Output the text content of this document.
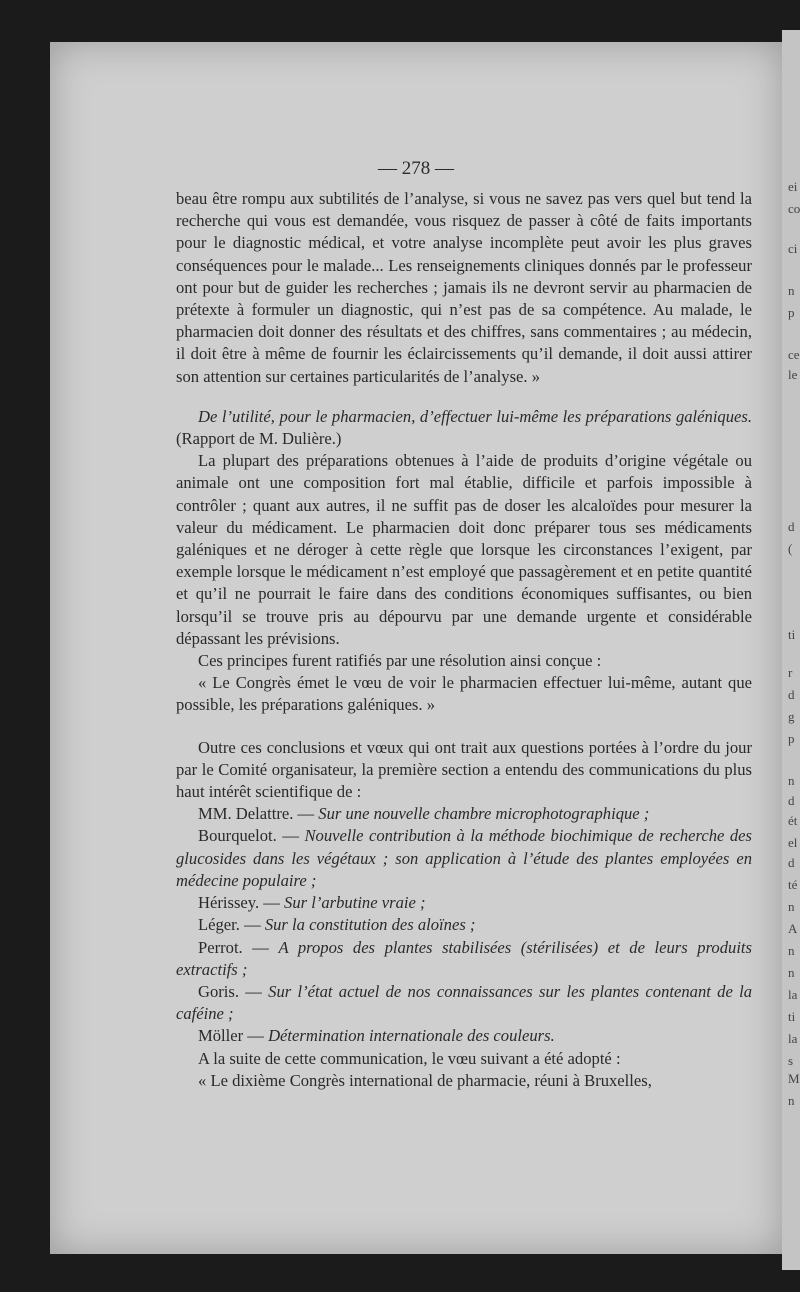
ei
co
ci
n
p
ce
le
d
(
ti
r
d
g
p
n
d
ét
el
d
té
n
A
n
n
la
ti
la
s
M
n
— 278 —

beau être rompu aux subtilités de l’analyse, si vous ne savez pas vers quel but tend la recherche qui vous est demandée, vous risquez de passer à côté de faits importants pour le diagnostic médical, et votre analyse incomplète peut avoir les plus graves conséquences pour le malade... Les renseignements cliniques donnés par le professeur ont pour but de guider les recherches ; jamais ils ne devront servir au pharmacien de prétexte à formuler un diagnostic, qui n’est pas de sa compétence. Au malade, le pharmacien doit donner des résultats et des chiffres, sans commentaires ; au médecin, il doit être à même de fournir les éclaircissements qu’il demande, il doit aussi attirer son attention sur certaines particularités de l’analyse. »

De l’utilité, pour le pharmacien, d’effectuer lui-même les préparations galéniques. (Rapport de M. Dulière.)

La plupart des préparations obtenues à l’aide de produits d’origine végétale ou animale ont une composition fort mal établie, difficile et parfois impossible à contrôler ; quant aux autres, il ne suffit pas de doser les alcaloïdes pour mesurer la valeur du médicament. Le pharmacien doit donc préparer tous ses médicaments galéniques et ne déroger à cette règle que lorsque les circonstances l’exigent, par exemple lorsque le médicament n’est employé que passagèrement et en petite quantité et qu’il ne pourrait le faire dans des conditions économiques suffisantes, ou bien lorsqu’il se trouve pris au dépourvu par une demande urgente et considérable dépassant les prévisions.

Ces principes furent ratifiés par une résolution ainsi conçue :

« Le Congrès émet le vœu de voir le pharmacien effectuer lui-même, autant que possible, les préparations galéniques. »

Outre ces conclusions et vœux qui ont trait aux questions portées à l’ordre du jour par le Comité organisateur, la première section a entendu des communications du plus haut intérêt scientifique de :

MM. Delattre. — Sur une nouvelle chambre microphotographique ;

Bourquelot. — Nouvelle contribution à la méthode biochimique de recherche des glucosides dans les végétaux ; son application à l’étude des plantes employées en médecine populaire ;

Hérissey. — Sur l’arbutine vraie ;

Léger. — Sur la constitution des aloïnes ;

Perrot. — A propos des plantes stabilisées (stérilisées) et de leurs produits extractifs ;

Goris. — Sur l’état actuel de nos connaissances sur les plantes contenant de la caféine ;

Möller — Détermination internationale des couleurs.

A la suite de cette communication, le vœu suivant a été adopté :

« Le dixième Congrès international de pharmacie, réuni à Bruxelles,
